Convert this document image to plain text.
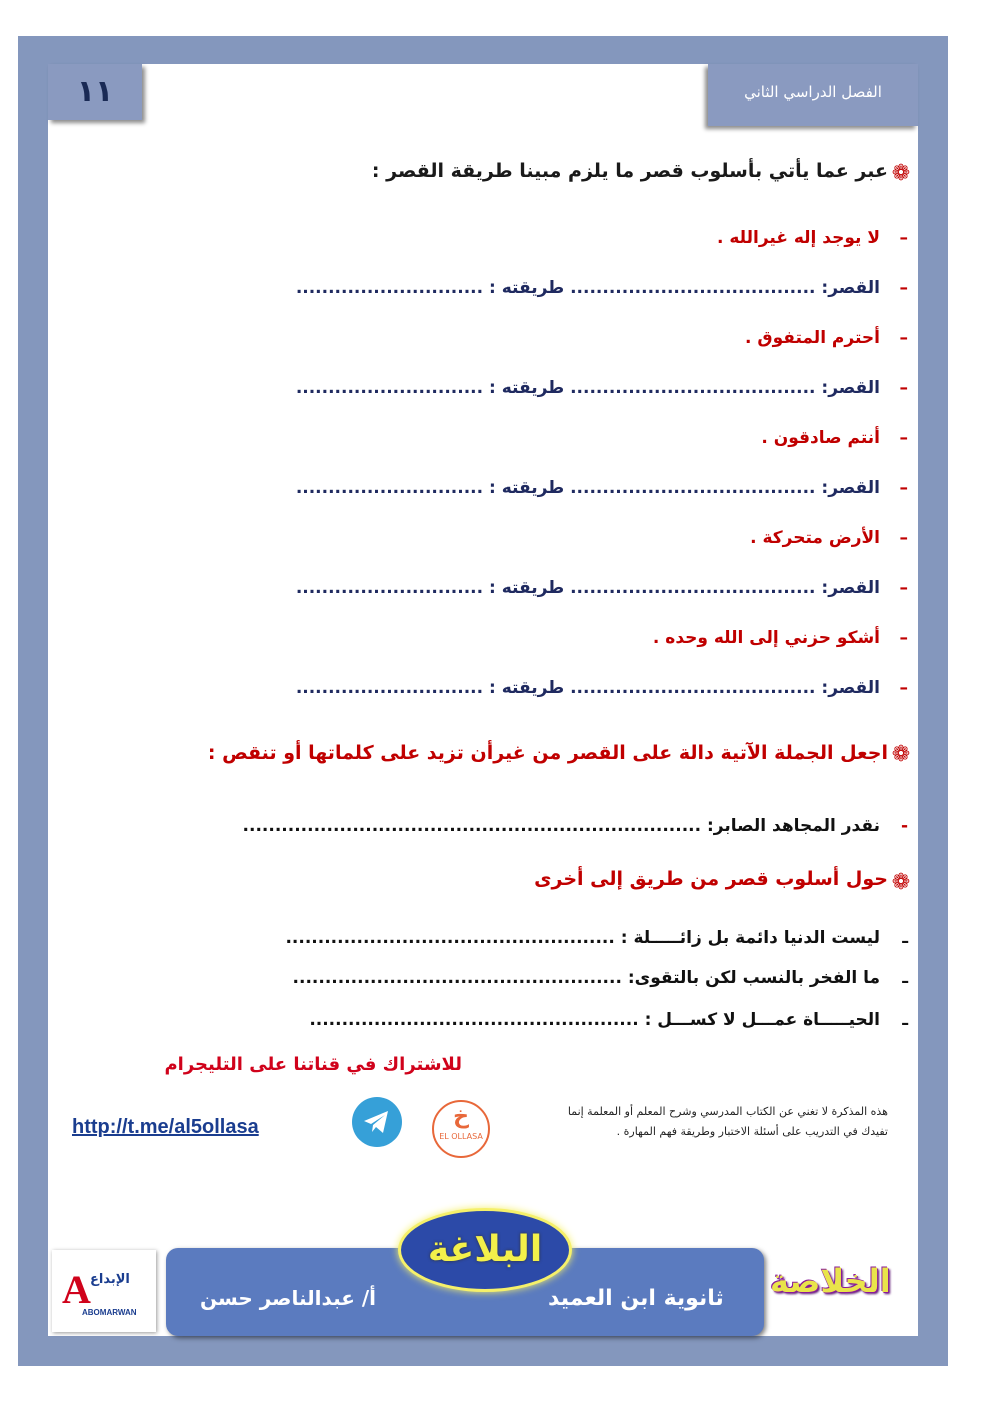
١١	الفصل الدراسي الثاني
❁
عبر عما يأتي بأسلوب قصر ما يلزم مبينا طريقة القصر :
–
لا يوجد إله غيرالله .
–
القصر: ...................................... طريقته : .............................
–
أحترم المتفوق .
–
القصر: ...................................... طريقته : .............................
–
أنتم صادقون .
–
القصر: ...................................... طريقته : .............................
–
الأرض متحركة .
–
القصر: ...................................... طريقته : .............................
–
أشكو حزني إلى الله وحده .
–
القصر: ...................................... طريقته : .............................
❁
اجعل الجملة الآتية دالة على القصر من غيرأن تزيد على كلماتها أو تنقص :
-
نقدر المجاهد الصابر: .......................................................................
❁
حول أسلوب قصر من طريق إلى أخرى
ـ
ليست الدنيا دائمة بل زائـــــلة : ...................................................
ـ
ما الفخر بالنسب لكن بالتقوى: ...................................................
ـ
الحيـــــاة عمـــل لا كســـل : ...................................................
للاشتراك في قناتنا على التليجرام
http://t.me/al5ollasa	خ
EL OLLASA
هذه المذكرة لا تغني عن الكتاب المدرسي وشرح المعلم أو المعلمة إنما تفيدك في التدريب على أسئلة الاختبار وطريقة فهم المهارة .
ثانوية ابن العميد
أ/ عبدالناصر حسن
البلاغة
الخلاصة
A الإبداع
ABOMARWAN
